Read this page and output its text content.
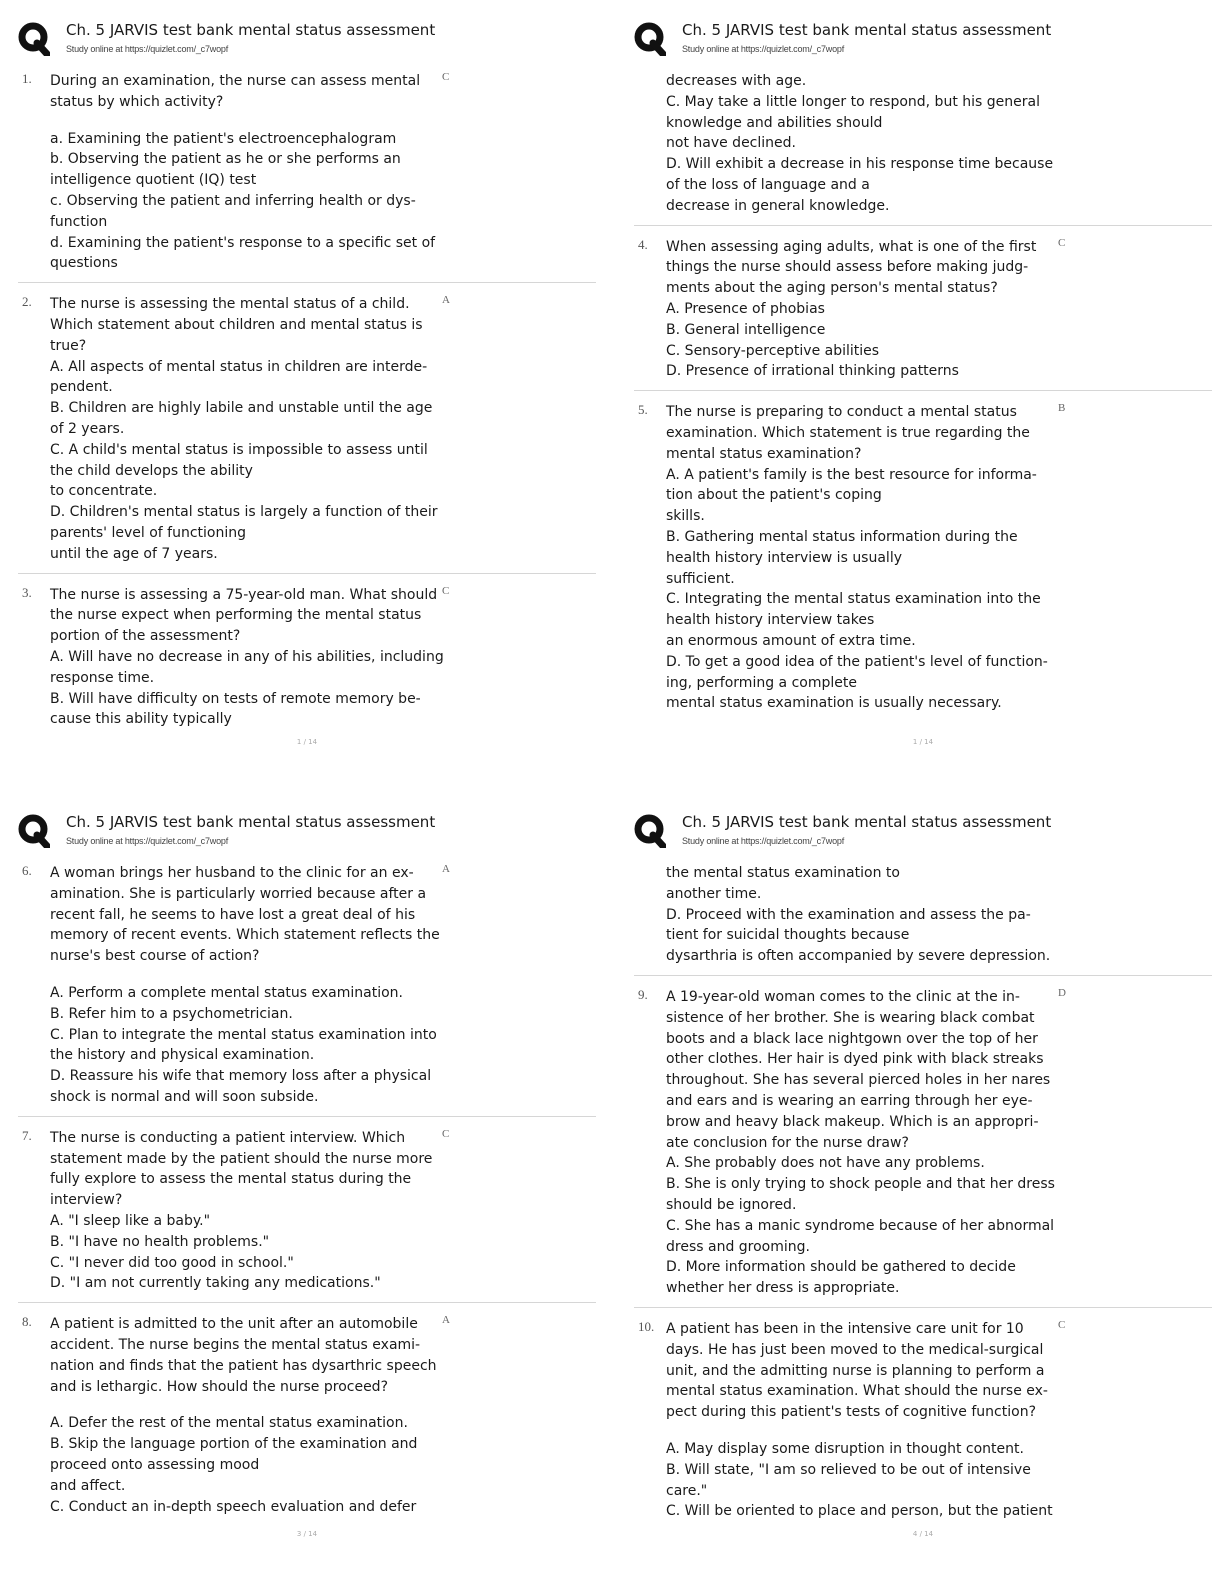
Ch. 5 JARVIS test bank mental status assessment
Study online at https://quizlet.com/_c7wopf
1.	C
During an examination, the nurse can assess mental
status by which activity?
a. Examining the patient's electroencephalogram
b. Observing the patient as he or she performs an
intelligence quotient (IQ) test
c. Observing the patient and inferring health or dys-
function
d. Examining the patient's response to a specific set of
questions
2.	A
The nurse is assessing the mental status of a child.
Which statement about children and mental status is
true?
A. All aspects of mental status in children are interde-
pendent.
B. Children are highly labile and unstable until the age
of 2 years.
C. A child's mental status is impossible to assess until
the child develops the ability
to concentrate.
D. Children's mental status is largely a function of their
parents' level of functioning
until the age of 7 years.
3.	C
The nurse is assessing a 75-year-old man. What should
the nurse expect when performing the mental status
portion of the assessment?
A. Will have no decrease in any of his abilities, including
response time.
B. Will have difficulty on tests of remote memory be-
cause this ability typically
1 / 14
Ch. 5 JARVIS test bank mental status assessment
Study online at https://quizlet.com/_c7wopf
decreases with age.
C. May take a little longer to respond, but his general
knowledge and abilities should
not have declined.
D. Will exhibit a decrease in his response time because
of the loss of language and a
decrease in general knowledge.
4.	C
When assessing aging adults, what is one of the first
things the nurse should assess before making judg-
ments about the aging person's mental status?
A. Presence of phobias
B. General intelligence
C. Sensory-perceptive abilities
D. Presence of irrational thinking patterns
5.	B
The nurse is preparing to conduct a mental status
examination. Which statement is true regarding the
mental status examination?
A. A patient's family is the best resource for informa-
tion about the patient's coping
skills.
B. Gathering mental status information during the
health history interview is usually
sufficient.
C. Integrating the mental status examination into the
health history interview takes
an enormous amount of extra time.
D. To get a good idea of the patient's level of function-
ing, performing a complete
mental status examination is usually necessary.
1 / 14
Ch. 5 JARVIS test bank mental status assessment
Study online at https://quizlet.com/_c7wopf
6.	A
A woman brings her husband to the clinic for an ex-
amination. She is particularly worried because after a
recent fall, he seems to have lost a great deal of his
memory of recent events. Which statement reflects the
nurse's best course of action?
A. Perform a complete mental status examination.
B. Refer him to a psychometrician.
C. Plan to integrate the mental status examination into
the history and physical examination.
D. Reassure his wife that memory loss after a physical
shock is normal and will soon subside.
7.	C
The nurse is conducting a patient interview. Which
statement made by the patient should the nurse more
fully explore to assess the mental status during the
interview?
A. "I sleep like a baby."
B. "I have no health problems."
C. "I never did too good in school."
D. "I am not currently taking any medications."
8.	A
A patient is admitted to the unit after an automobile
accident. The nurse begins the mental status exami-
nation and finds that the patient has dysarthric speech
and is lethargic. How should the nurse proceed?
A. Defer the rest of the mental status examination.
B. Skip the language portion of the examination and
proceed onto assessing mood
and affect.
C. Conduct an in-depth speech evaluation and defer
3 / 14
Ch. 5 JARVIS test bank mental status assessment
Study online at https://quizlet.com/_c7wopf
the mental status examination to
another time.
D. Proceed with the examination and assess the pa-
tient for suicidal thoughts because
dysarthria is often accompanied by severe depression.
9.	D
A 19-year-old woman comes to the clinic at the in-
sistence of her brother. She is wearing black combat
boots and a black lace nightgown over the top of her
other clothes. Her hair is dyed pink with black streaks
throughout. She has several pierced holes in her nares
and ears and is wearing an earring through her eye-
brow and heavy black makeup. Which is an appropri-
ate conclusion for the nurse draw?
A. She probably does not have any problems.
B. She is only trying to shock people and that her dress
should be ignored.
C. She has a manic syndrome because of her abnormal
dress and grooming.
D. More information should be gathered to decide
whether her dress is appropriate.
10.	C
A patient has been in the intensive care unit for 10
days. He has just been moved to the medical-surgical
unit, and the admitting nurse is planning to perform a
mental status examination. What should the nurse ex-
pect during this patient's tests of cognitive function?
A. May display some disruption in thought content.
B. Will state, "I am so relieved to be out of intensive
care."
C. Will be oriented to place and person, but the patient
4 / 14
